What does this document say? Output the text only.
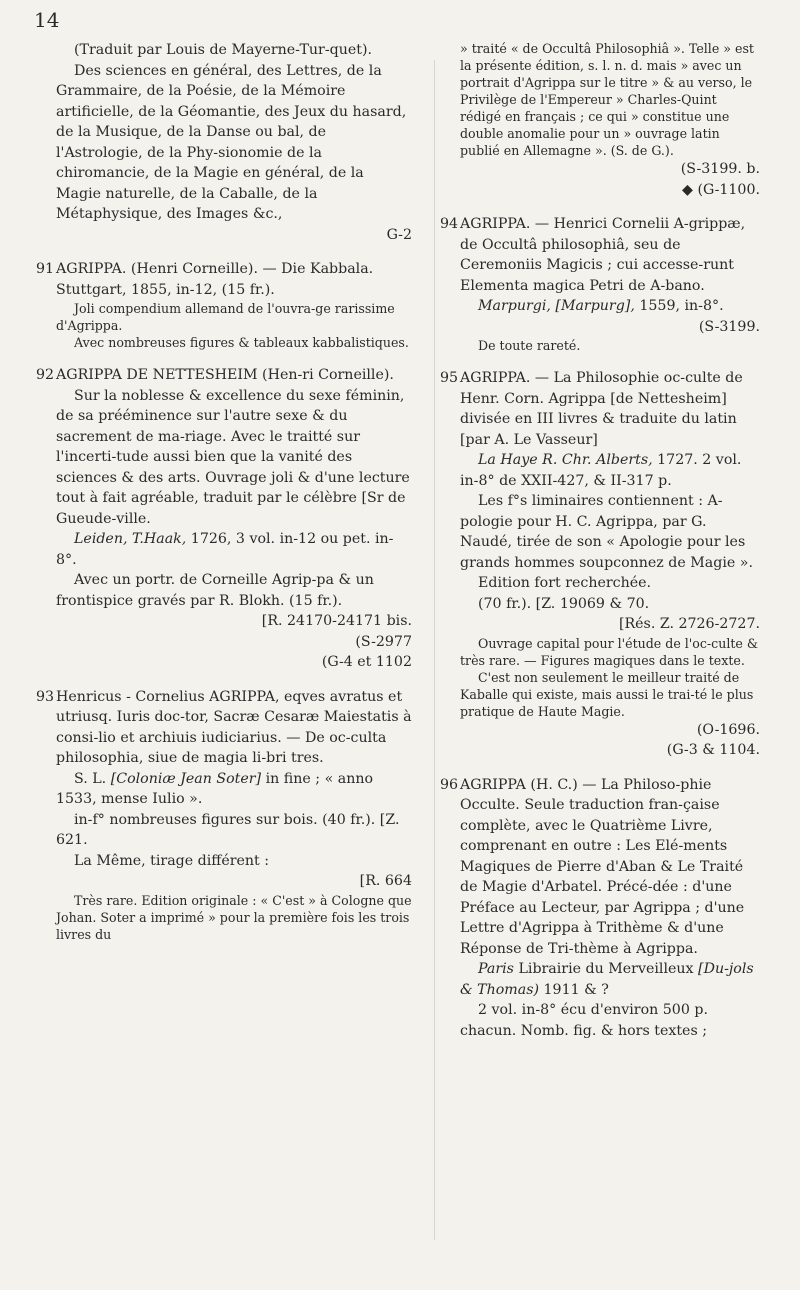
14

(Traduit par Louis de Mayerne-Tur-quet).

Des sciences en général, des Lettres, de la Grammaire, de la Poésie, de la Mémoire artificielle, de la Géomantie, des Jeux du hasard, de la Musique, de la Danse ou bal, de l'Astrologie, de la Phy-sionomie de la chiromancie, de la Magie en général, de la Magie naturelle, de la Caballe, de la Métaphysique, des Images &c.,

G-2

91 AGRIPPA. (Henri Corneille). — Die Kabbala.

Stuttgart, 1855, in-12, (15 fr.).

Joli compendium allemand de l'ouvra-ge rarissime d'Agrippa.

Avec nombreuses figures & tableaux kabbalistiques.

92 AGRIPPA DE NETTESHEIM (Hen-ri Corneille).

Sur la noblesse & excellence du sexe féminin, de sa prééminence sur l'autre sexe & du sacrement de ma-riage. Avec le traitté sur l'incerti-tude aussi bien que la vanité des sciences & des arts. Ouvrage joli & d'une lecture tout à fait agréable, traduit par le célèbre [Sr de Gueude-ville.

Leiden, T.Haak, 1726, 3 vol. in-12 ou pet. in-8°.

Avec un portr. de Corneille Agrip-pa & un frontispice gravés par R. Blokh. (15 fr.).

[R. 24170-24171 bis.

(S-2977

(G-4 et 1102

93 Henricus - Cornelius AGRIPPA, eqves avratus et utriusq. Iuris doc-tor, Sacræ Cesaræ Maiestatis à consi-lio et archiuis iudiciarius. — De oc-culta philosophia, siue de magia li-bri tres.

S. L. [Coloniæ Jean Soter] in fine ; « anno 1533, mense Iulio ».

in-f° nombreuses figures sur bois. (40 fr.). [Z. 621.

La Même, tirage différent :

[R. 664

Très rare. Edition originale : « C'est » à Cologne que Johan. Soter a imprimé » pour la première fois les trois livres du

» traité « de Occultâ Philosophiâ ». Telle » est la présente édition, s. l. n. d. mais » avec un portrait d'Agrippa sur le titre » & au verso, le Privilège de l'Empereur » Charles-Quint rédigé en français ; ce qui » constitue une double anomalie pour un » ouvrage latin publié en Allemagne ». (S. de G.).

(S-3199. b.

◆ (G-1100.

94 AGRIPPA. — Henrici Cornelii A-grippæ, de Occultâ philosophiâ, seu de Ceremoniis Magicis ; cui accesse-runt Elementa magica Petri de A-bano.

Marpurgi, [Marpurg], 1559, in-8°.

(S-3199.

De toute rareté.

95 AGRIPPA. — La Philosophie oc-culte de Henr. Corn. Agrippa [de Nettesheim] divisée en III livres & traduite du latin [par A. Le Vasseur]

La Haye R. Chr. Alberts, 1727. 2 vol. in-8° de XXII-427, & II-317 p.

Les f°s liminaires contiennent : A-pologie pour H. C. Agrippa, par G. Naudé, tirée de son « Apologie pour les grands hommes soupconnez de Magie ».

Edition fort recherchée.

(70 fr.). [Z. 19069 & 70.

[Rés. Z. 2726-2727.

Ouvrage capital pour l'étude de l'oc-culte & très rare. — Figures magiques dans le texte.

C'est non seulement le meilleur traité de Kaballe qui existe, mais aussi le trai-té le plus pratique de Haute Magie.

(O-1696.

(G-3 & 1104.

96 AGRIPPA (H. C.) — La Philoso-phie Occulte. Seule traduction fran-çaise complète, avec le Quatrième Livre, comprenant en outre : Les Elé-ments Magiques de Pierre d'Aban & Le Traité de Magie d'Arbatel. Précé-dée : d'une Préface au Lecteur, par Agrippa ; d'une Lettre d'Agrippa à Trithème & d'une Réponse de Tri-thème à Agrippa.

Paris Librairie du Merveilleux [Du-jols & Thomas) 1911 & ?

2 vol. in-8° écu d'environ 500 p. chacun. Nomb. fig. & hors textes ;
